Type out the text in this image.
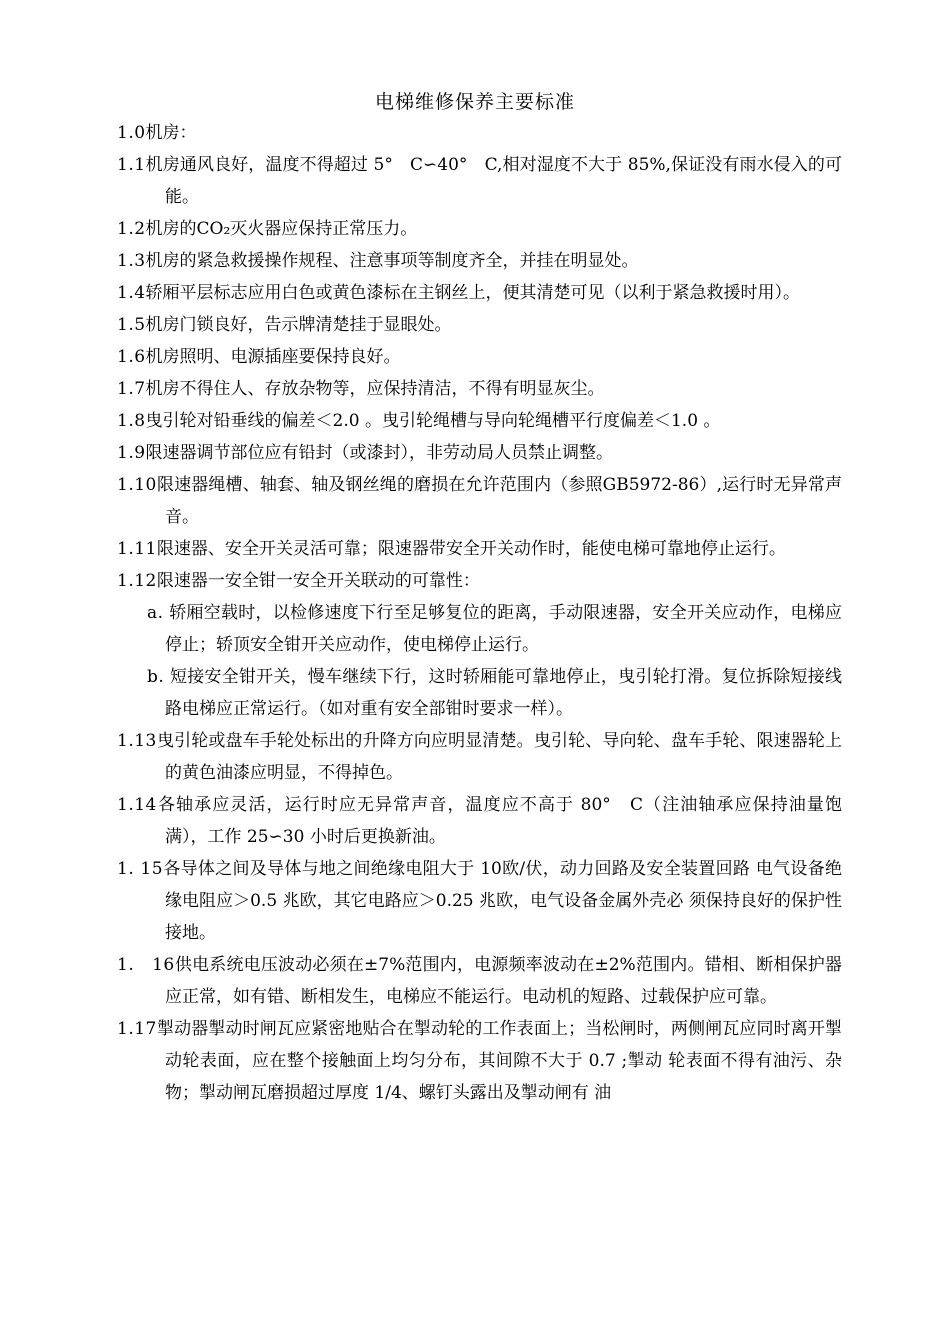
电梯维修保养主要标准

1.0机房：

1.1机房通风良好，温度不得超过 5°　C∽40°　C,相对湿度不大于 85%,保证没有雨水侵入的可能。

1.2机房的CO₂灭火器应保持正常压力。

1.3机房的紧急救援操作规程、注意事项等制度齐全，并挂在明显处。

1.4轿厢平层标志应用白色或黄色漆标在主钢丝上，便其清楚可见（以利于紧急救援时用）。

1.5机房门锁良好，告示牌清楚挂于显眼处。

1.6机房照明、电源插座要保持良好。

1.7机房不得住人、存放杂物等，应保持清洁，不得有明显灰尘。

1.8曳引轮对铅垂线的偏差＜2.0 。曳引轮绳槽与导向轮绳槽平行度偏差＜1.0 。

1.9限速器调节部位应有铅封（或漆封），非劳动局人员禁止调整。

1.10限速器绳槽、轴套、轴及钢丝绳的磨损在允许范围内（参照GB5972-86）,运行时无异常声音。

1.11限速器、安全开关灵活可靠；限速器带安全开关动作时，能使电梯可靠地停止运行。

1.12限速器一安全钳一安全开关联动的可靠性：

a. 轿厢空载时，以检修速度下行至足够复位的距离，手动限速器，安全开关应动作，电梯应停止；轿顶安全钳开关应动作，使电梯停止运行。

b. 短接安全钳开关，慢车继续下行，这时轿厢能可靠地停止，曳引轮打滑。复位拆除短接线路电梯应正常运行。（如对重有安全部钳时要求一样）。

1.13曳引轮或盘车手轮处标出的升降方向应明显清楚。曳引轮、导向轮、盘车手轮、限速器轮上的黄色油漆应明显，不得掉色。

1.14各轴承应灵活，运行时应无异常声音，温度应不高于 80°　C（注油轴承应保持油量饱满），工作 25∽30 小时后更换新油。

1. 15各导体之间及导体与地之间绝缘电阻大于 10欧/伏，动力回路及安全装置回路 电气设备绝缘电阻应＞0.5 兆欧，其它电路应＞0.25 兆欧，电气设备金属外壳必 须保持良好的保护性接地。

1.　16供电系统电压波动必须在±7%范围内，电源频率波动在±2%范围内。错相、断相保护器应正常，如有错、断相发生，电梯应不能运行。电动机的短路、过载保护应可靠。

1.17掣动器掣动时闸瓦应紧密地贴合在掣动轮的工作表面上；当松闸时，两侧闸瓦应同时离开掣动轮表面，应在整个接触面上均匀分布，其间隙不大于 0.7 ;掣动 轮表面不得有油污、杂物；掣动闸瓦磨损超过厚度 1/4、螺钉头露出及掣动闸有 油
